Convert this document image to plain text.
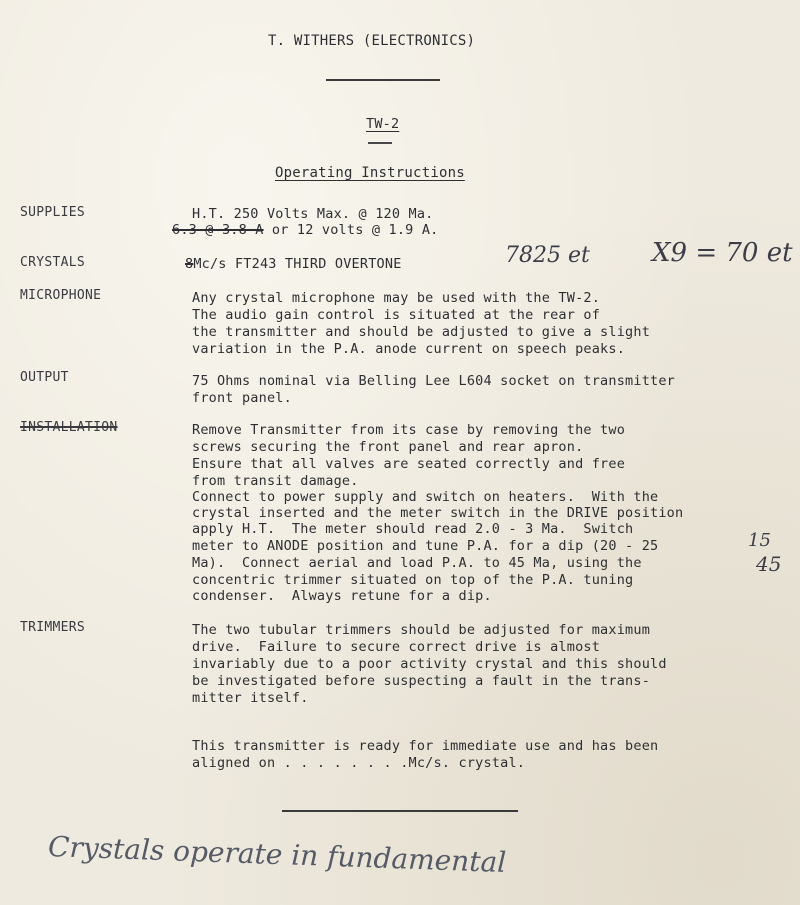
T. WITHERS (ELECTRONICS)
TW-2
Operating Instructions
SUPPLIES	H.T. 250 Volts Max. @ 120 Ma.
6.3 @ 3.8 A or 12 volts @ 1.9 A.
CRYSTALS	8Mc/s FT243 THIRD OVERTONE	7825 et X9 = 70 et
MICROPHONE	Any crystal microphone may be used with the TW-2.
The audio gain control is situated at the rear of
the transmitter and should be adjusted to give a slight
variation in the P.A. anode current on speech peaks.
OUTPUT	75 Ohms nominal via Belling Lee L604 socket on transmitter
front panel.
INSTALLATION	Remove Transmitter from its case by removing the two
screws securing the front panel and rear apron.
Ensure that all valves are seated correctly and free
from transit damage.
Connect to power supply and switch on heaters.  With the
crystal inserted and the meter switch in the DRIVE position
apply H.T.  The meter should read 2.0 - 3 Ma.  Switch
meter to ANODE position and tune P.A. for a dip (20 - 25
Ma).  Connect aerial and load P.A. to 45 Ma, using the
concentric trimmer situated on top of the P.A. tuning
condenser.  Always retune for a dip.
15
45
TRIMMERS	The two tubular trimmers should be adjusted for maximum
drive.  Failure to secure correct drive is almost
invariably due to a poor activity crystal and this should
be investigated before suspecting a fault in the trans-
mitter itself.
This transmitter is ready for immediate use and has been
aligned on . . . . . . . .Mc/s. crystal.
Crystals operate in fundamental
